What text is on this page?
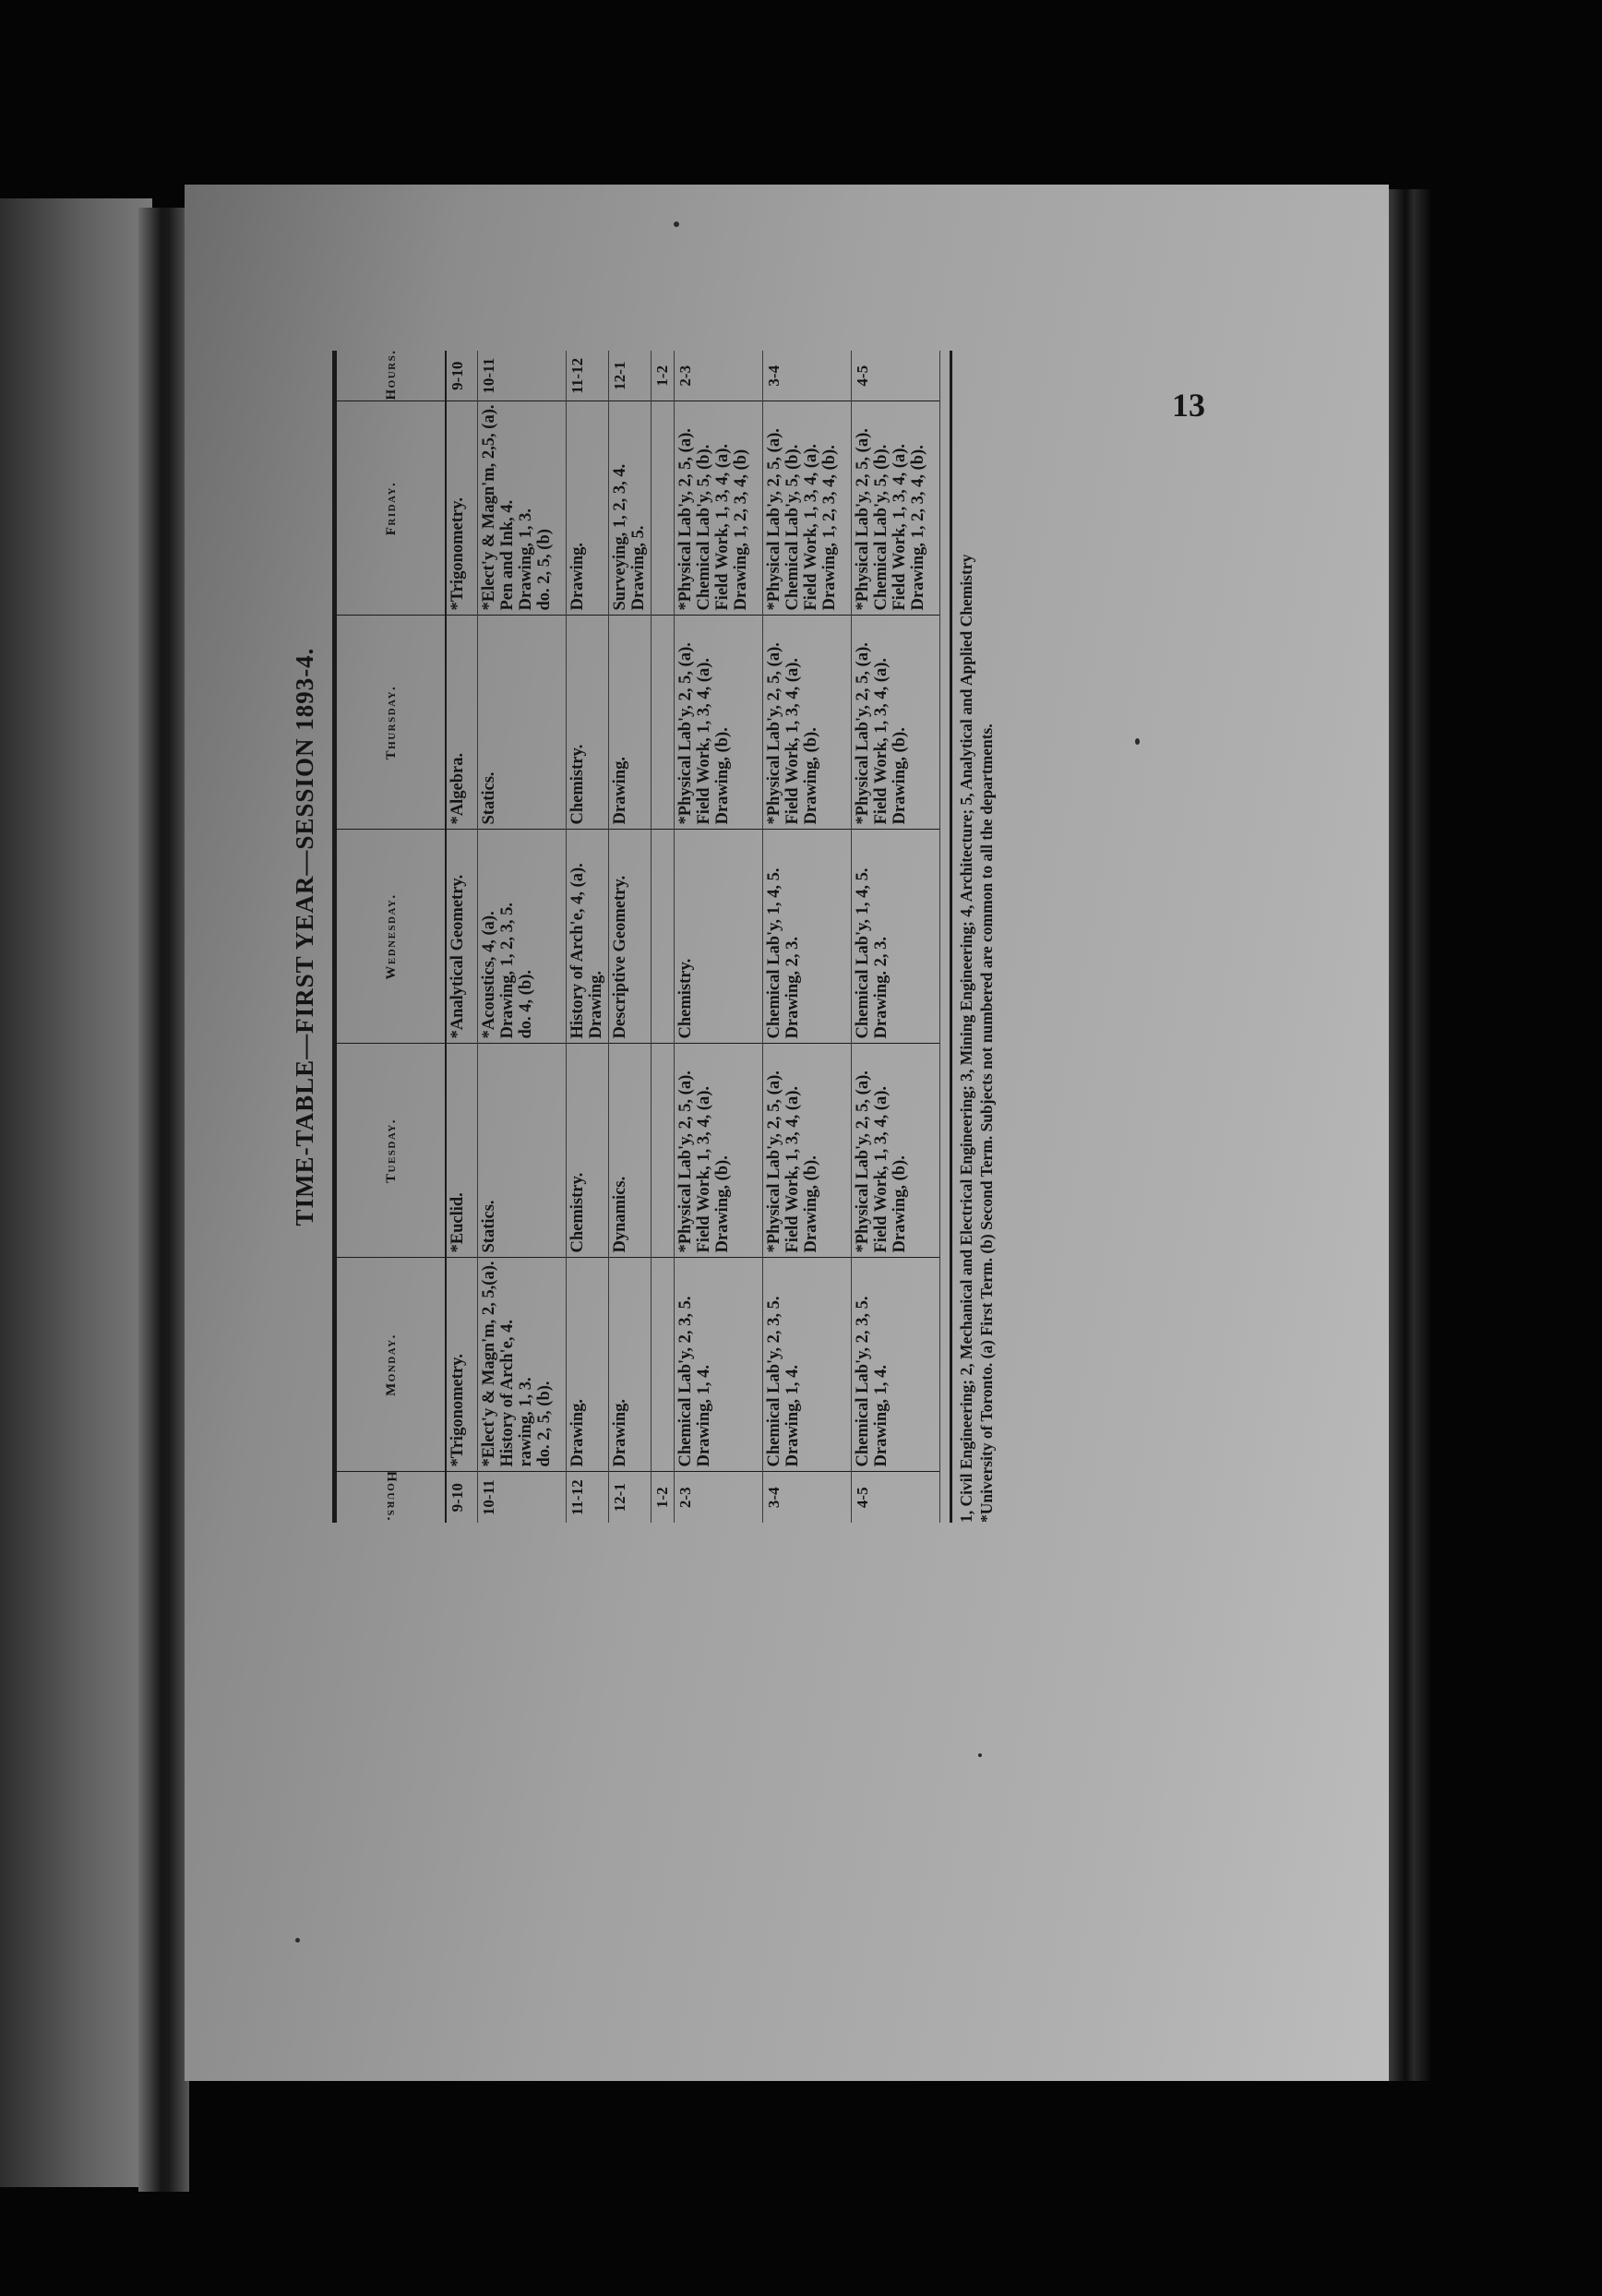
13
TIME-TABLE—FIRST YEAR—SESSION 1893-4.
Hours.	Monday.	Tuesday.	Wednesday.	Thursday.	Friday.	Hours.
9-10	*Trigonometry.	*Euclid.	*Analytical Geometry.	*Algebra.	*Trigonometry.	9-10
10-11	*Elect'y & Magn'm, 2, 5,(a). History of Arch'e, 4. rawing, 1, 3. do. 2, 5, (b).	Statics.	*Acoustics, 4, (a). Drawing, 1, 2, 3, 5. do. 4, (b).	Statics.	*Elect'y & Magn'm, 2,5, (a). Pen and Ink, 4. Drawing, 1, 3. do. 2, 5, (b)	10-11
11-12	Drawing.	Chemistry.	History of Arch'e, 4, (a). Drawing.	Chemistry.	Drawing.	11-12
12-1	Drawing.	Dynamics.	Descriptive Geometry.	Drawing.	Surveying, 1, 2, 3, 4. Drawing, 5.	12-1
1-2						1-2
2-3	Chemical Lab'y, 2, 3, 5. Drawing, 1, 4.	*Physical Lab'y, 2, 5, (a). Field Work, 1, 3, 4, (a). Drawing, (b).	Chemistry.	*Physical Lab'y, 2, 5, (a). Field Work, 1, 3, 4, (a). Drawing, (b).	*Physical Lab'y, 2, 5, (a). Chemical Lab'y, 5, (b). Field Work, 1, 3, 4, (a). Drawing, 1, 2, 3, 4, (b)	2-3
3-4	Chemical Lab'y, 2, 3, 5. Drawing, 1, 4.	*Physical Lab'y, 2, 5, (a). Field Work, 1, 3, 4, (a). Drawing, (b).	Chemical Lab'y, 1, 4, 5. Drawing, 2, 3.	*Physical Lab'y, 2, 5, (a). Field Work, 1, 3, 4, (a). Drawing, (b).	*Physical Lab'y, 2, 5, (a). Chemical Lab'y, 5, (b). Field Work, 1, 3, 4, (a). Drawing, 1, 2, 3, 4, (b).	3-4
4-5	Chemical Lab'y, 2, 3, 5. Drawing, 1, 4.	*Physical Lab'y, 2, 5, (a). Field Work, 1, 3, 4, (a). Drawing, (b).	Chemical Lab'y, 1, 4, 5. Drawing. 2, 3.	*Physical Lab'y, 2, 5, (a). Field Work, 1, 3, 4, (a). Drawing, (b).	*Physical Lab'y, 2, 5, (a). Chemical Lab'y, 5, (b). Field Work, 1, 3, 4, (a). Drawing, 1, 2, 3, 4, (b).	4-5
1, Civil Engineering; 2, Mechanical and Electrical Engineering; 3, Mining Engineering; 4, Architecture; 5, Analytical and Applied Chemistry *University of Toronto. (a) First Term. (b) Second Term. Subjects not numbered are common to all the departments.
